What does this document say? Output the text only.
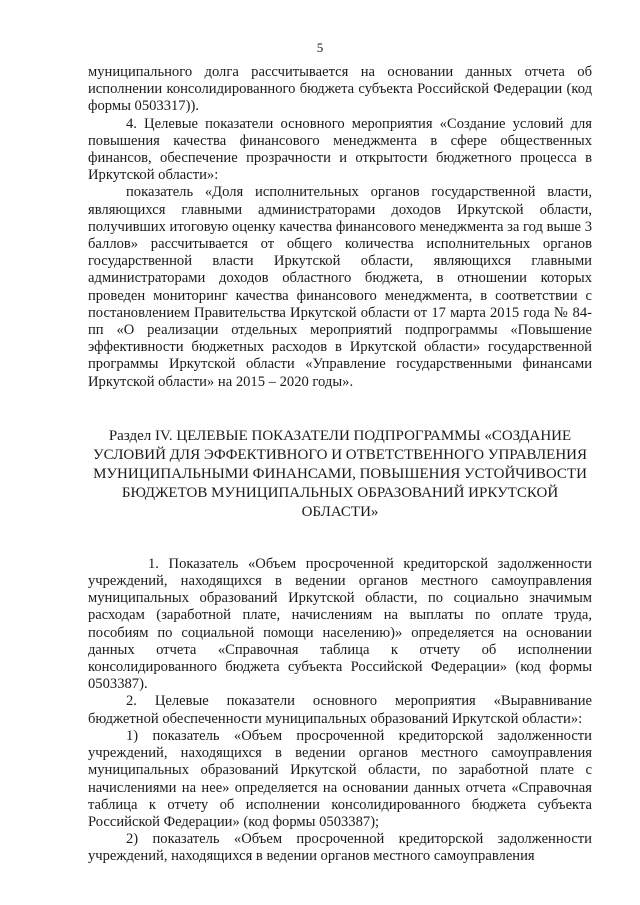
5

муниципального долга рассчитывается на основании данных отчета об исполнении консолидированного бюджета субъекта Российской Федерации (код формы 0503317)).

4. Целевые показатели основного мероприятия «Создание условий для повышения качества финансового менеджмента в сфере общественных финансов, обеспечение прозрачности и открытости бюджетного процесса в Иркутской области»:

показатель «Доля исполнительных органов государственной власти, являющихся главными администраторами доходов Иркутской области, получивших итоговую оценку качества финансового менеджмента за год выше 3 баллов» рассчитывается от общего количества исполнительных органов государственной власти Иркутской области, являющихся главными администраторами доходов областного бюджета, в отношении которых проведен мониторинг качества финансового менеджмента, в соответствии с постановлением Правительства Иркутской области от 17 марта 2015 года № 84-пп «О реализации отдельных мероприятий подпрограммы «Повышение эффективности бюджетных расходов в Иркутской области» государственной программы Иркутской области «Управление государственными финансами Иркутской области» на 2015 – 2020 годы».

Раздел IV. ЦЕЛЕВЫЕ ПОКАЗАТЕЛИ ПОДПРОГРАММЫ «СОЗДАНИЕ УСЛОВИЙ ДЛЯ ЭФФЕКТИВНОГО И ОТВЕТСТВЕННОГО УПРАВЛЕНИЯ МУНИЦИПАЛЬНЫМИ ФИНАНСАМИ, ПОВЫШЕНИЯ УСТОЙЧИВОСТИ БЮДЖЕТОВ МУНИЦИПАЛЬНЫХ ОБРАЗОВАНИЙ ИРКУТСКОЙ ОБЛАСТИ»

1. Показатель «Объем просроченной кредиторской задолженности учреждений, находящихся в ведении органов местного самоуправления муниципальных образований Иркутской области, по социально значимым расходам (заработной плате, начислениям на выплаты по оплате труда, пособиям по социальной помощи населению)» определяется на основании данных отчета «Справочная таблица к отчету об исполнении консолидированного бюджета субъекта Российской Федерации» (код формы 0503387).

2. Целевые показатели основного мероприятия «Выравнивание бюджетной обеспеченности муниципальных образований Иркутской области»:

1) показатель «Объем просроченной кредиторской задолженности учреждений, находящихся в ведении органов местного самоуправления муниципальных образований Иркутской области, по заработной плате с начислениями на нее» определяется на основании данных отчета «Справочная таблица к отчету об исполнении консолидированного бюджета субъекта Российской Федерации» (код формы 0503387);

2) показатель «Объем просроченной кредиторской задолженности учреждений, находящихся в ведении органов местного самоуправления
